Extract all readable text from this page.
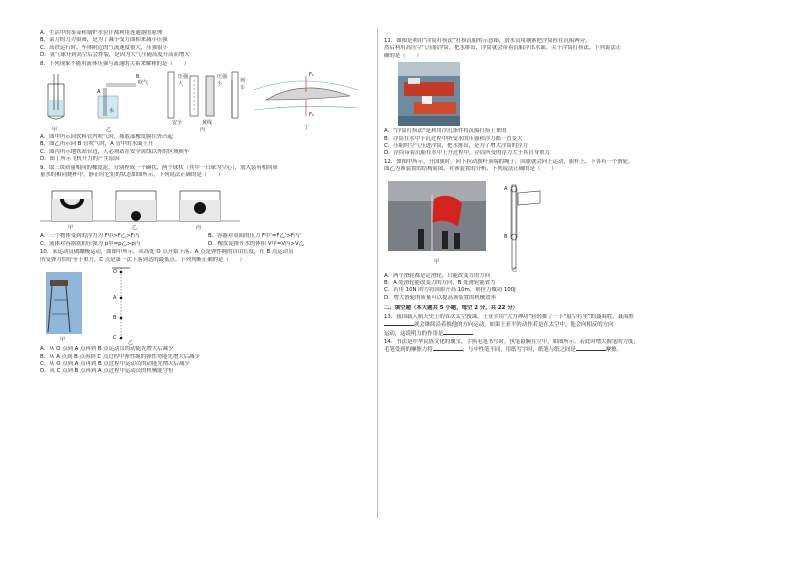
A．生活中的茶壶和锅炉水位计都利用连通器的原理
B．菜刀的刀刃很薄，是为了减小受力面积来减小压强
C．高铁运行时，车体附近的气流速度很大，压强很小
D．氢气球升到高空后会炸裂，是因为大气压随高度升高而增大
8．下列现象不能用流体压强与流速的关系来解释的是（　　）
吹气
B
A
水
压强大
压强小
列车
安全	黄线
F₁
F₂
甲	乙	丙	丁
A．图甲所示向饮料管内吹气时，瓶底部橡皮膜往外凸起
B．图乙所示向 B 管吹气时，A 管中的水面上升
C．图丙所示地铁站台边，人必须站在安全黄线以外的区域候车
D．图丁所示飞机升力的产生原因
9．取三块质量相同的橡皮泥，分别捏成一个碗状、两个球状（其中一只球为空心），放入装有相同质
量水的相同烧杯中，静止时它们的状态如图所示，下列说法正确的是（　　）
甲	乙	丙
A．三个物体受到的浮力为 F甲>F乙>F丙	B．容器对桌面的压力 F甲'=F乙'>F丙'
C．液体对容器底的压强为 p甲=p乙>p丙	D．橡皮泥排开水的体积 V甲=V丙>V乙
10．某运动员做蹦极运动，如图甲所示，从高处 O 点开始下落，A 点是弹性绳的自由长度，在 B 点运动员
所受弹力恰好等于重力，C 点是第一次下落到达的最低点。下列判断正确的是（　　）
O
A
B
C
甲	乙
A．从 O 点到 A 点再到 B 点运动员的动能先增大后减少
B．从 A 点到 B 点再到 C 点过程中弹性绳的弹性势能先增大后减少
C．从 O 点到 A 点再到 B 点过程中运动员的动能先增大后减少
D．从 C 点到 B 点再到 A 点过程中运动员的机械能守恒
11．如图是利用“浮筒打捞法”打捞沉船的示意图，潜水员用钢索把浮筒拴在沉船两旁，
然后利用高压空气压缩浮筒，把水排出，浮筒就会带着沉船浮出水面。关于浮筒打捞法，下列说法正
确的是（　　）
A．“浮筒打捞法”是利用浮沉条件将沉船打捞上来的
B．浮筒在水中下沉过程中所受水的压强和浮力都一直变大
C．压缩的空气压进浮筒，把水排出，是为了增大浮筒的浮力
D．浮筒带着沉船在水中上升过程中，浮筒所受的浮力大于其自身重力
12．如图甲所示，升国旗时，向下拉动旗杆顶端的绳子，国旗就会向上运动，旗杆上、下各有一个滑轮，
图乙为该装置的结构简图，对该装置的分析，下列说法正确的是（　　）
A
B
甲
乙
A．两个滑轮都是定滑轮，只能改变力的方向
B．A 处滑轮能改变力的方向，B 处滑轮能省力
C．若用 10N 的力将国旗升高 10m，则拉力做功 100J
D．增大滑轮的质量可以提高该装置的机械效率
二、填空题（本大题共 5 小题，每空 2 分，共 22 分）
13．我国载人航天史上的首次太空授课，王亚平用“大力神功”轻轻推了一下“悬空打坐”的聂海胜，聂海胜
就会继续沿着推他的方向运动，如果王亚平的动作若是在太空中，他会向相反的方向
运动，这说明力的作用是
14．书法是中华民族文化的瑰宝，手执毛笔书写时，执笔悬腕在空中，如图所示，若此时增大握笔的力度，
毛笔受到的摩擦力将	；与中性笔不同，用纸写字时，纸笔与纸之间是	摩擦。
